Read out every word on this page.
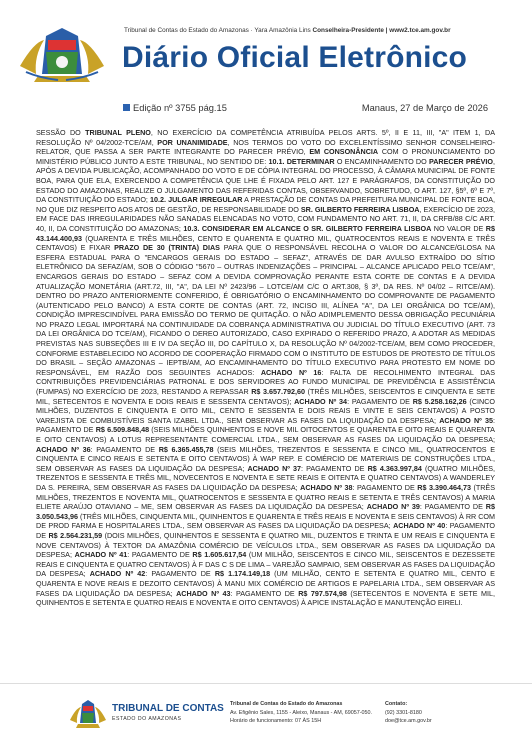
Tribunal de Contas do Estado do Amazonas · Yara Amazônia Lins Conselheira-Presidente | www2.tce.am.gov.br
Diário Oficial Eletrônico
Edição nº 3755 pág.15	Manaus, 27 de Março de 2026

SESSÃO DO TRIBUNAL PLENO, NO EXERCÍCIO DA COMPETÊNCIA ATRIBUÍDA PELOS ARTS. 5º, II E 11, III, "A" ITEM 1, DA RESOLUÇÃO Nº 04/2002-TCE/AM, POR UNANIMIDADE, NOS TERMOS DO VOTO DO EXCELENTÍSSIMO SENHOR CONSELHEIRO-RELATOR, QUE PASSA A SER PARTE INTEGRANTE DO PARECER PRÉVIO, EM CONSONÂNCIA COM O PRONUNCIAMENTO DO MINISTÉRIO PÚBLICO JUNTO A ESTE TRIBUNAL, NO SENTIDO DE: 10.1. DETERMINAR O ENCAMINHAMENTO DO PARECER PRÉVIO, APÓS A DEVIDA PUBLICAÇÃO, ACOMPANHADO DO VOTO E DE CÓPIA INTEGRAL DO PROCESSO, À CÂMARA MUNICIPAL DE FONTE BOA, PARA QUE ELA, EXERCENDO A COMPETÊNCIA QUE LHE É FIXADA PELO ART. 127 E PARÁGRAFOS, DA CONSTITUIÇÃO DO ESTADO DO AMAZONAS, REALIZE O JULGAMENTO DAS REFERIDAS CONTAS, OBSERVANDO, SOBRETUDO, O ART. 127, §5º, 6º E 7º, DA CONSTITUIÇÃO DO ESTADO; 10.2. JULGAR IRREGULAR A PRESTAÇÃO DE CONTAS DA PREFEITURA MUNICIPAL DE FONTE BOA, NO QUE DIZ RESPEITO AOS ATOS DE GESTÃO, DE RESPONSABILIDADE DO SR. GILBERTO FERREIRA LISBOA, EXERCÍCIO DE 2023, EM FACE DAS IRREGULARIDADES NÃO SANADAS ELENCADAS NO VOTO, COM FUNDAMENTO NO ART. 71, II, DA CRFB/88 C/C ART. 40, II, DA CONSTITUIÇÃO DO AMAZONAS; 10.3. CONSIDERAR EM ALCANCE O SR. GILBERTO FERREIRA LISBOA NO VALOR DE R$ 43.144.400,93 (QUARENTA E TRÊS MILHÕES, CENTO E QUARENTA E QUATRO MIL, QUATROCENTOS REAIS E NOVENTA E TRÊS CENTAVOS) E FIXAR PRAZO DE 30 (TRINTA) DIAS PARA QUE O RESPONSÁVEL RECOLHA O VALOR DO ALCANCE/GLOSA NA ESFERA ESTADUAL PARA O "ENCARGOS GERAIS DO ESTADO – SEFAZ", ATRAVÉS DE DAR AVULSO EXTRAÍDO DO SÍTIO ELETRÔNICO DA SEFAZ/AM, SOB O CÓDIGO "5670 – OUTRAS INDENIZAÇÕES – PRINCIPAL – ALCANCE APLICADO PELO TCE/AM", ENCARGOS GERAIS DO ESTADO – SEFAZ COM A DEVIDA COMPROVAÇÃO PERANTE ESTA CORTE DE CONTAS E A DEVIDA ATUALIZAÇÃO MONETÁRIA (ART.72, III, "A", DA LEI Nº 2423/96 – LOTCE/AM C/C O ART.308, § 3º, DA RES. Nº 04/02 – RITCE/AM). DENTRO DO PRAZO ANTERIORMENTE CONFERIDO, É OBRIGATÓRIO O ENCAMINHAMENTO DO COMPROVANTE DE PAGAMENTO (AUTENTICADO PELO BANCO) A ESTA CORTE DE CONTAS (ART. 72, INCISO III, ALÍNEA "A", DA LEI ORGÂNICA DO TCE/AM), CONDIÇÃO IMPRESCINDÍVEL PARA EMISSÃO DO TERMO DE QUITAÇÃO. O NÃO ADIMPLEMENTO DESSA OBRIGAÇÃO PECUNIÁRIA NO PRAZO LEGAL IMPORTARÁ NA CONTINUIDADE DA COBRANÇA ADMINISTRATIVA OU JUDICIAL DO TÍTULO EXECUTIVO (ART. 73 DA LEI ORGÂNICA DO TCE/AM), FICANDO O DEREO AUTORIZADO, CASO EXPIRADO O REFERIDO PRAZO, A ADOTAR AS MEDIDAS PREVISTAS NAS SUBSEÇÕES III E IV DA SEÇÃO III, DO CAPÍTULO X, DA RESOLUÇÃO Nº 04/2002-TCE/AM, BEM COMO PROCEDER, CONFORME ESTABELECIDO NO ACORDO DE COOPERAÇÃO FIRMADO COM O INSTITUTO DE ESTUDOS DE PROTESTO DE TÍTULOS DO BRASIL – SEÇÃO AMAZONAS – IEPTB/AM, AO ENCAMINHAMENTO DO TÍTULO EXECUTIVO PARA PROTESTO EM NOME DO RESPONSÁVEL, EM RAZÃO DOS SEGUINTES ACHADOS: ACHADO Nº 16: FALTA DE RECOLHIMENTO INTEGRAL DAS CONTRIBUIÇÕES PREVIDENCIÁRIAS PATRONAL E DOS SERVIDORES AO FUNDO MUNICIPAL DE PREVIDÊNCIA E ASSISTÊNCIA (FUMPAS) NO EXERCÍCIO DE 2023, RESTANDO A REPASSAR R$ 3.657.792,60 (TRÊS MILHÕES, SEISCENTOS E CINQUENTA E SETE MIL, SETECENTOS E NOVENTA E DOIS REAIS E SESSENTA CENTAVOS); ACHADO Nº 34: PAGAMENTO DE R$ 5.258.162,26 (CINCO MILHÕES, DUZENTOS E CINQUENTA E OITO MIL, CENTO E SESSENTA E DOIS REAIS E VINTE E SEIS CENTAVOS) A POSTO VAREJISTA DE COMBUSTÍVEIS SANTA IZABEL LTDA., SEM OBSERVAR AS FASES DA LIQUIDAÇÃO DA DESPESA; ACHADO Nº 35: PAGAMENTO DE R$ 6.509.848,48 (SEIS MILHÕES QUINHENTOS E NOVE MIL OITOCENTOS E QUARENTA E OITO REAIS E QUARENTA E OITO CENTAVOS) A LOTUS REPRESENTANTE COMERCIAL LTDA., SEM OBSERVAR AS FASES DA LIQUIDAÇÃO DA DESPESA; ACHADO Nº 36: PAGAMENTO DE R$ 6.365.455,78 (SEIS MILHÕES, TREZENTOS E SESSENTA E CINCO MIL, QUATROCENTOS E CINQUENTA E CINCO REAIS E SETENTA E OITO CENTAVOS) À WAP REP. E COMÉRCIO DE MATERIAIS DE CONSTRUÇÕES LTDA., SEM OBSERVAR AS FASES DA LIQUIDAÇÃO DA DESPESA; ACHADO Nº 37: PAGAMENTO DE R$ 4.363.997,84 (QUATRO MILHÕES, TREZENTOS E SESSENTA E TRÊS MIL, NOVECENTOS E NOVENTA E SETE REAIS E OITENTA E QUATRO CENTAVOS) A WANDERLEY DA S. PEREIRA, SEM OBSERVAR AS FASES DA LIQUIDAÇÃO DA DESPESA; ACHADO Nº 38: PAGAMENTO DE R$ 3.390.464,73 (TRÊS MILHÕES, TREZENTOS E NOVENTA MIL, QUATROCENTOS E SESSENTA E QUATRO REAIS E SETENTA E TRÊS CENTAVOS) A MARIA ELIETE ARAÚJO OTAVIANO – ME, SEM OBSERVAR AS FASES DA LIQUIDAÇÃO DA DESPESA; ACHADO Nº 39: PAGAMENTO DE R$ 3.050.543,96 (TRÊS MILHÕES, CINQUENTA MIL, QUINHENTOS E QUARENTA E TRÊS REAIS E NOVENTA E SEIS CENTAVOS) À RR COM DE PROD FARMA E HOSPITALARES LTDA., SEM OBSERVAR AS FASES DA LIQUIDAÇÃO DA DESPESA; ACHADO Nº 40: PAGAMENTO DE R$ 2.564.231,59 (DOIS MILHÕES, QUINHENTOS E SESSENTA E QUATRO MIL, DUZENTOS E TRINTA E UM REAIS E CINQUENTA E NOVE CENTAVOS) À TEXTOR DA AMAZÔNIA COMÉRCIO DE VEÍCULOS LTDA., SEM OBSERVAR AS FASES DA LIQUIDAÇÃO DA DESPESA; ACHADO Nº 41: PAGAMENTO DE R$ 1.605.617,54 (UM MILHÃO, SEISCENTOS E CINCO MIL, SEISCENTOS E DEZESSETE REAIS E CINQUENTA E QUATRO CENTAVOS) À F DAS C S DE LIMA – VAREJÃO SAMPAIO, SEM OBSERVAR AS FASES DA LIQUIDAÇÃO DA DESPESA; ACHADO Nº 42: PAGAMENTO DE R$ 1.174.149,18 (UM MILHÃO, CENTO E SETENTA E QUATRO MIL, CENTO E QUARENTA E NOVE REAIS E DEZOITO CENTAVOS) À MANU MIX COMÉRCIO DE ARTIGOS E PAPELARIA LTDA., SEM OBSERVAR AS FASES DA LIQUIDAÇÃO DA DESPESA; ACHADO Nº 43: PAGAMENTO DE R$ 797.574,98 (SETECENTOS E NOVENTA E SETE MIL, QUINHENTOS E SETENTA E QUATRO REAIS E NOVENTA E OITO CENTAVOS) À APICE INSTALAÇÃO E MANUTENÇÃO EIRELI.

TRIBUNAL DE CONTAS
ESTADO DO AMAZONAS
Tribunal de Contas do Estado do Amazonas
Av. Efigênio Sales, 1155 - Aleixo, Manaus - AM, 69057-050.
Horário de funcionamento: 07 ÀS 15H
Contato:
(92) 3301-8180
doe@tce.am.gov.br
